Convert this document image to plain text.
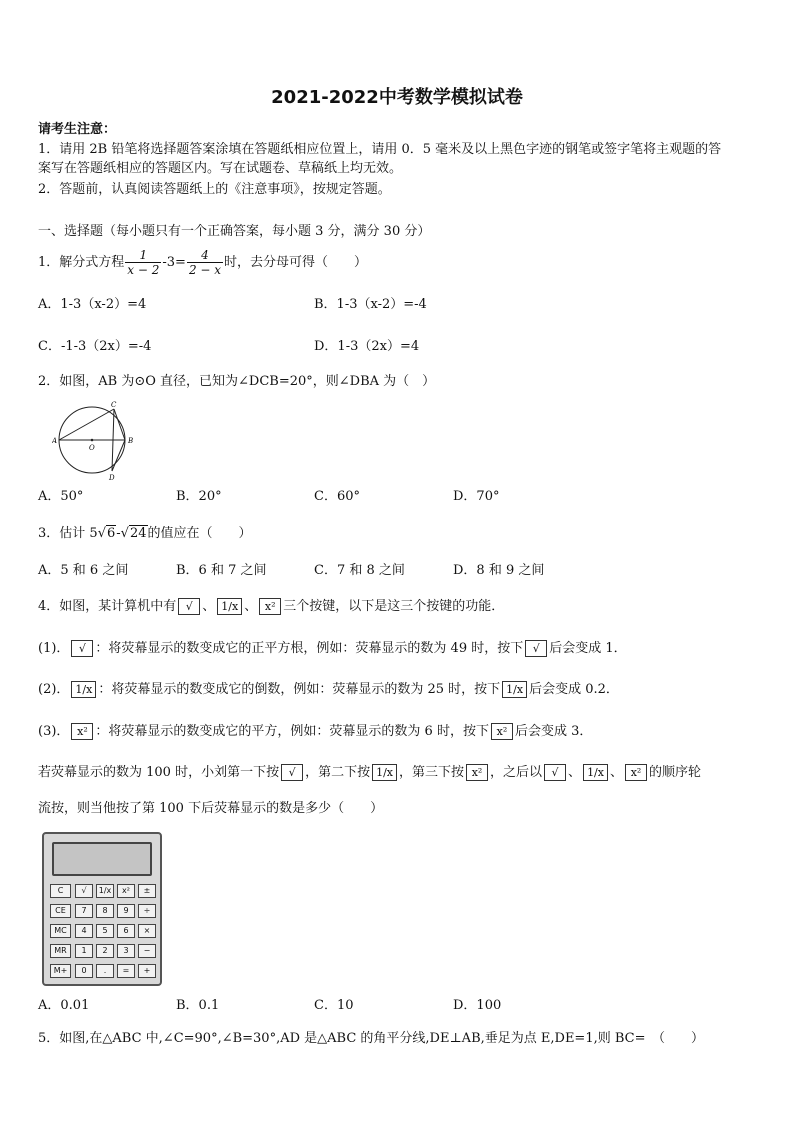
2021-2022中考数学模拟试卷
请考生注意：
1．请用 2B 铅笔将选择题答案涂填在答题纸相应位置上，请用 0．5 毫米及以上黑色字迹的钢笔或签字笔将主观题的答
案写在答题纸相应的答题区内。写在试题卷、草稿纸上均无效。
2．答题前，认真阅读答题纸上的《注意事项》，按规定答题。
一、选择题（每小题只有一个正确答案，每小题 3 分，满分 30 分）
1．解分式方程 $\frac{1}{x - 2} -3= \frac{4}{2 - x}$ 时，去分母可得（　　）
A．1-3（x-2）=4	B．1-3（x-2）=-4
C．-1-3（2x）=-4	D．1-3（2x）=4
2．如图，AB 为⊙O 直径，已知为∠DCB=20°，则∠DBA 为（　）
A	B
C
D
O
A．50°	B．20°	C．60°	D．70°
3．估计 5√6-√24的值应在（　　）
A．5 和 6 之间	B．6 和 7 之间	C．7 和 8 之间	D．8 和 9 之间
4．如图，某计算机中有 √ 、 1/x 、 x² 三个按键，以下是这三个按键的功能．
(1)． √ ：将荧幕显示的数变成它的正平方根，例如：荧幕显示的数为 49 时，按下 √ 后会变成 1．
(2)． 1/x ：将荧幕显示的数变成它的倒数，例如：荧幕显示的数为 25 时，按下 1/x 后会变成 0.2．
(3)． x² ：将荧幕显示的数变成它的平方，例如：荧幕显示的数为 6 时，按下 x² 后会变成 3．
若荧幕显示的数为 100 时，小刘第一下按 √ ，第二下按 1/x ，第三下按 x² ，之后以 √ 、 1/x 、 x² 的顺序轮
流按，则当他按了第 100 下后荧幕显示的数是多少（　　）
C	√	1/x	x²	±
CE	7	8	9	÷
MC	4	5	6	×
MR	1	2	3	−
M+	0	.	=	+
A．0.01	B．0.1	C．10	D．100
5．如图,在△ABC 中,∠C=90°,∠B=30°,AD 是△ABC 的角平分线,DE⊥AB,垂足为点 E,DE=1,则 BC=　（　　）
